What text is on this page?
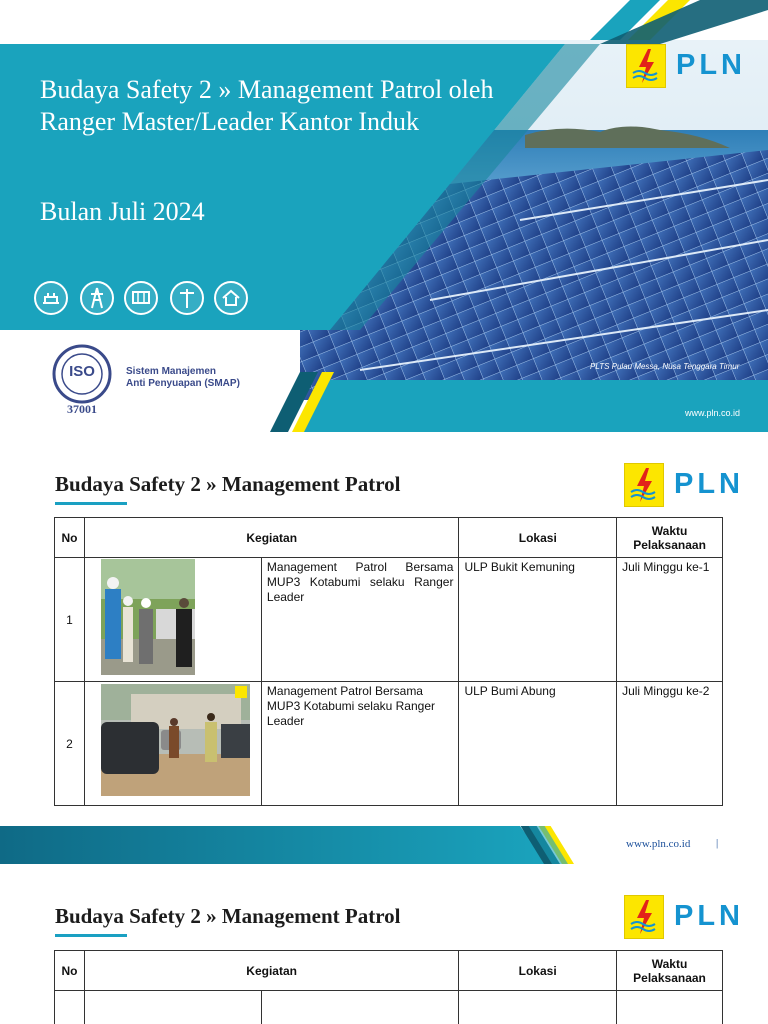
Budaya Safety 2 » Management Patrol oleh Ranger Master/Leader Kantor Induk
Bulan Juli 2024
ISO
37001
Sistem Manajemen
Anti Penyuapan (SMAP)
PLTS Pulau Messa, Nusa Tenggara Timur
www.pln.co.id
PLN
Budaya Safety 2 » Management Patrol	PLN
No	Kegiatan		Lokasi	Waktu Pelaksanaan
1		Management Patrol Bersama MUP3 Kotabumi selaku Ranger Leader	ULP Bukit Kemuning	Juli Minggu ke-1
2		Management Patrol Bersama MUP3 Kotabumi selaku Ranger Leader	ULP Bumi Abung	Juli Minggu ke-2
www.pln.co.id |
Budaya Safety 2 » Management Patrol	PLN
No	Kegiatan		Lokasi	Waktu Pelaksanaan
